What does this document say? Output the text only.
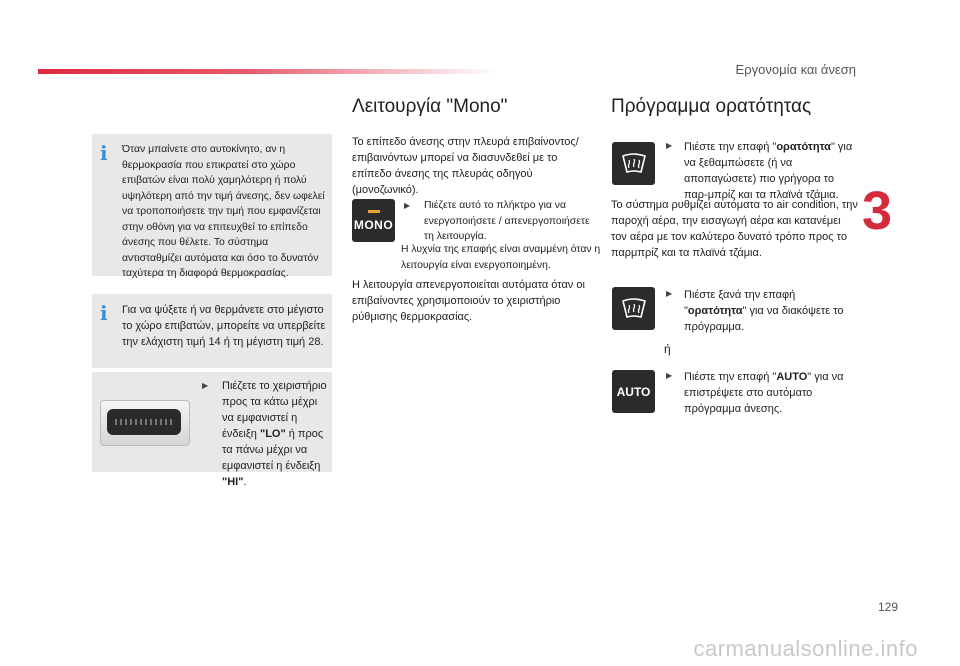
Εργονομία και άνεση
3
129
i Όταν μπαίνετε στο αυτοκίνητο, αν η θερμοκρασία που επικρατεί στο χώρο επιβατών είναι πολύ χαμηλότερη ή πολύ υψηλότερη από την τιμή άνεσης, δεν ωφελεί να τροποποιήσετε την τιμή που εμφανίζεται στην οθόνη για να επιτευχθεί το επίπεδο άνεσης που θέλετε. Το σύστημα αντισταθμίζει αυτόματα και όσο το δυνατόν ταχύτερα τη διαφορά θερμοκρασίας.
i Για να ψύξετε ή να θερμάνετε στο μέγιστο το χώρο επιβατών, μπορείτε να υπερβείτε την ελάχιστη τιμή 14 ή τη μέγιστη τιμή 28.
▶ Πιέζετε το χειριστήριο προς τα κάτω μέχρι να εμφανιστεί η ένδειξη "LO" ή προς τα πάνω μέχρι να εμφανιστεί η ένδειξη "HI".
Λειτουργία "Mono"
Το επίπεδο άνεσης στην πλευρά επιβαίνοντος/επιβαινόντων μπορεί να διασυνδεθεί με το επίπεδο άνεσης της πλευράς οδηγού (μονοζωνικό).
MONO
▶ Πιέζετε αυτό το πλήκτρο για να ενεργοποιήσετε / απενεργοποιήσετε τη λειτουργία.
Η λυχνία της επαφής είναι αναμμένη όταν η λειτουργία είναι ενεργοποιημένη.
Η λειτουργία απενεργοποιείται αυτόματα όταν οι επιβαίνοντες χρησιμοποιούν το χειριστήριο ρύθμισης θερμοκρασίας.
Πρόγραμμα ορατότητας
▶ Πιέστε την επαφή "ορατότητα" για να ξεθαμπώσετε (ή να αποπαγώσετε) πιο γρήγορα το παρ-μπρίζ και τα πλαϊνά τζάμια.
Το σύστημα ρυθμίζει αυτόματα το air condition, την παροχή αέρα, την εισαγωγή αέρα και κατανέμει τον αέρα με τον καλύτερο δυνατό τρόπο προς το παρμπρίζ και τα πλαϊνά τζάμια.
▶ Πιέστε ξανά την επαφή "ορατότητα" για να διακόψετε το πρόγραμμα.
ή
AUTO
▶ Πιέστε την επαφή "AUTO" για να επιστρέψετε στο αυτόματο πρόγραμμα άνεσης.
carmanualsonline.info
